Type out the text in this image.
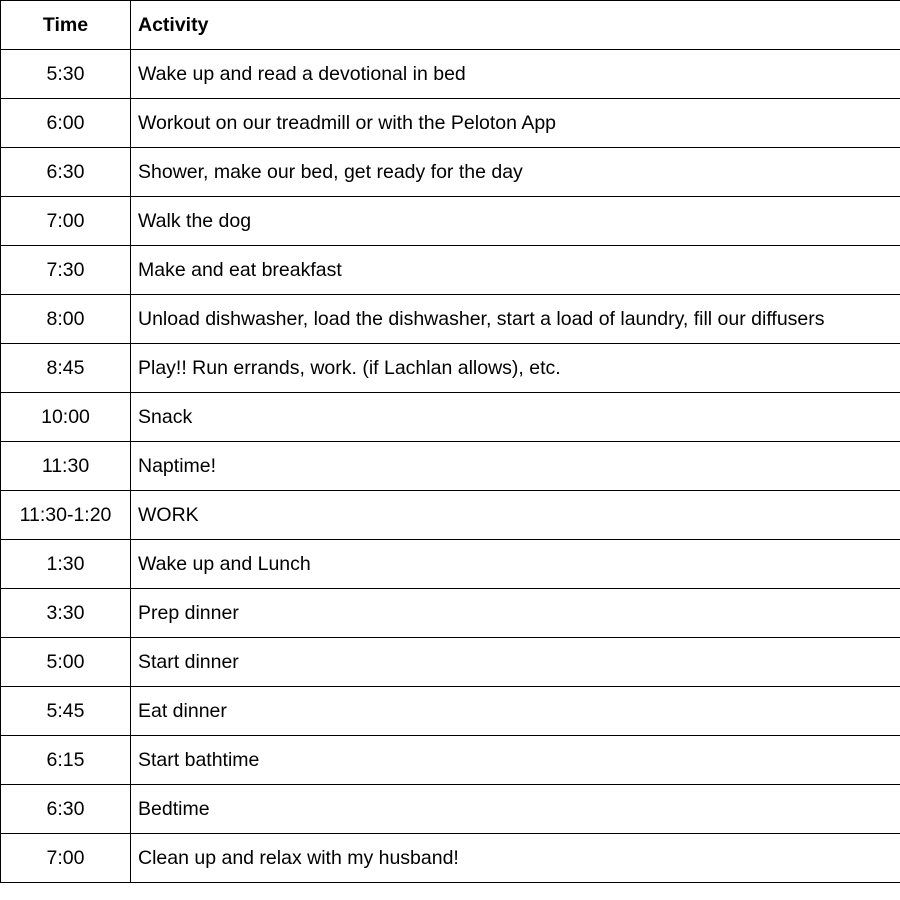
Time	Activity
5:30	Wake up and read a devotional in bed
6:00	Workout on our treadmill or with the Peloton App
6:30	Shower, make our bed, get ready for the day
7:00	Walk the dog
7:30	Make and eat breakfast
8:00	Unload dishwasher, load the dishwasher, start a load of laundry, fill our diffusers
8:45	Play!! Run errands, work. (if Lachlan allows), etc.
10:00	Snack
11:30	Naptime!
11:30-1:20	WORK
1:30	Wake up and Lunch
3:30	Prep dinner
5:00	Start dinner
5:45	Eat dinner
6:15	Start bathtime
6:30	Bedtime
7:00	Clean up and relax with my husband!
